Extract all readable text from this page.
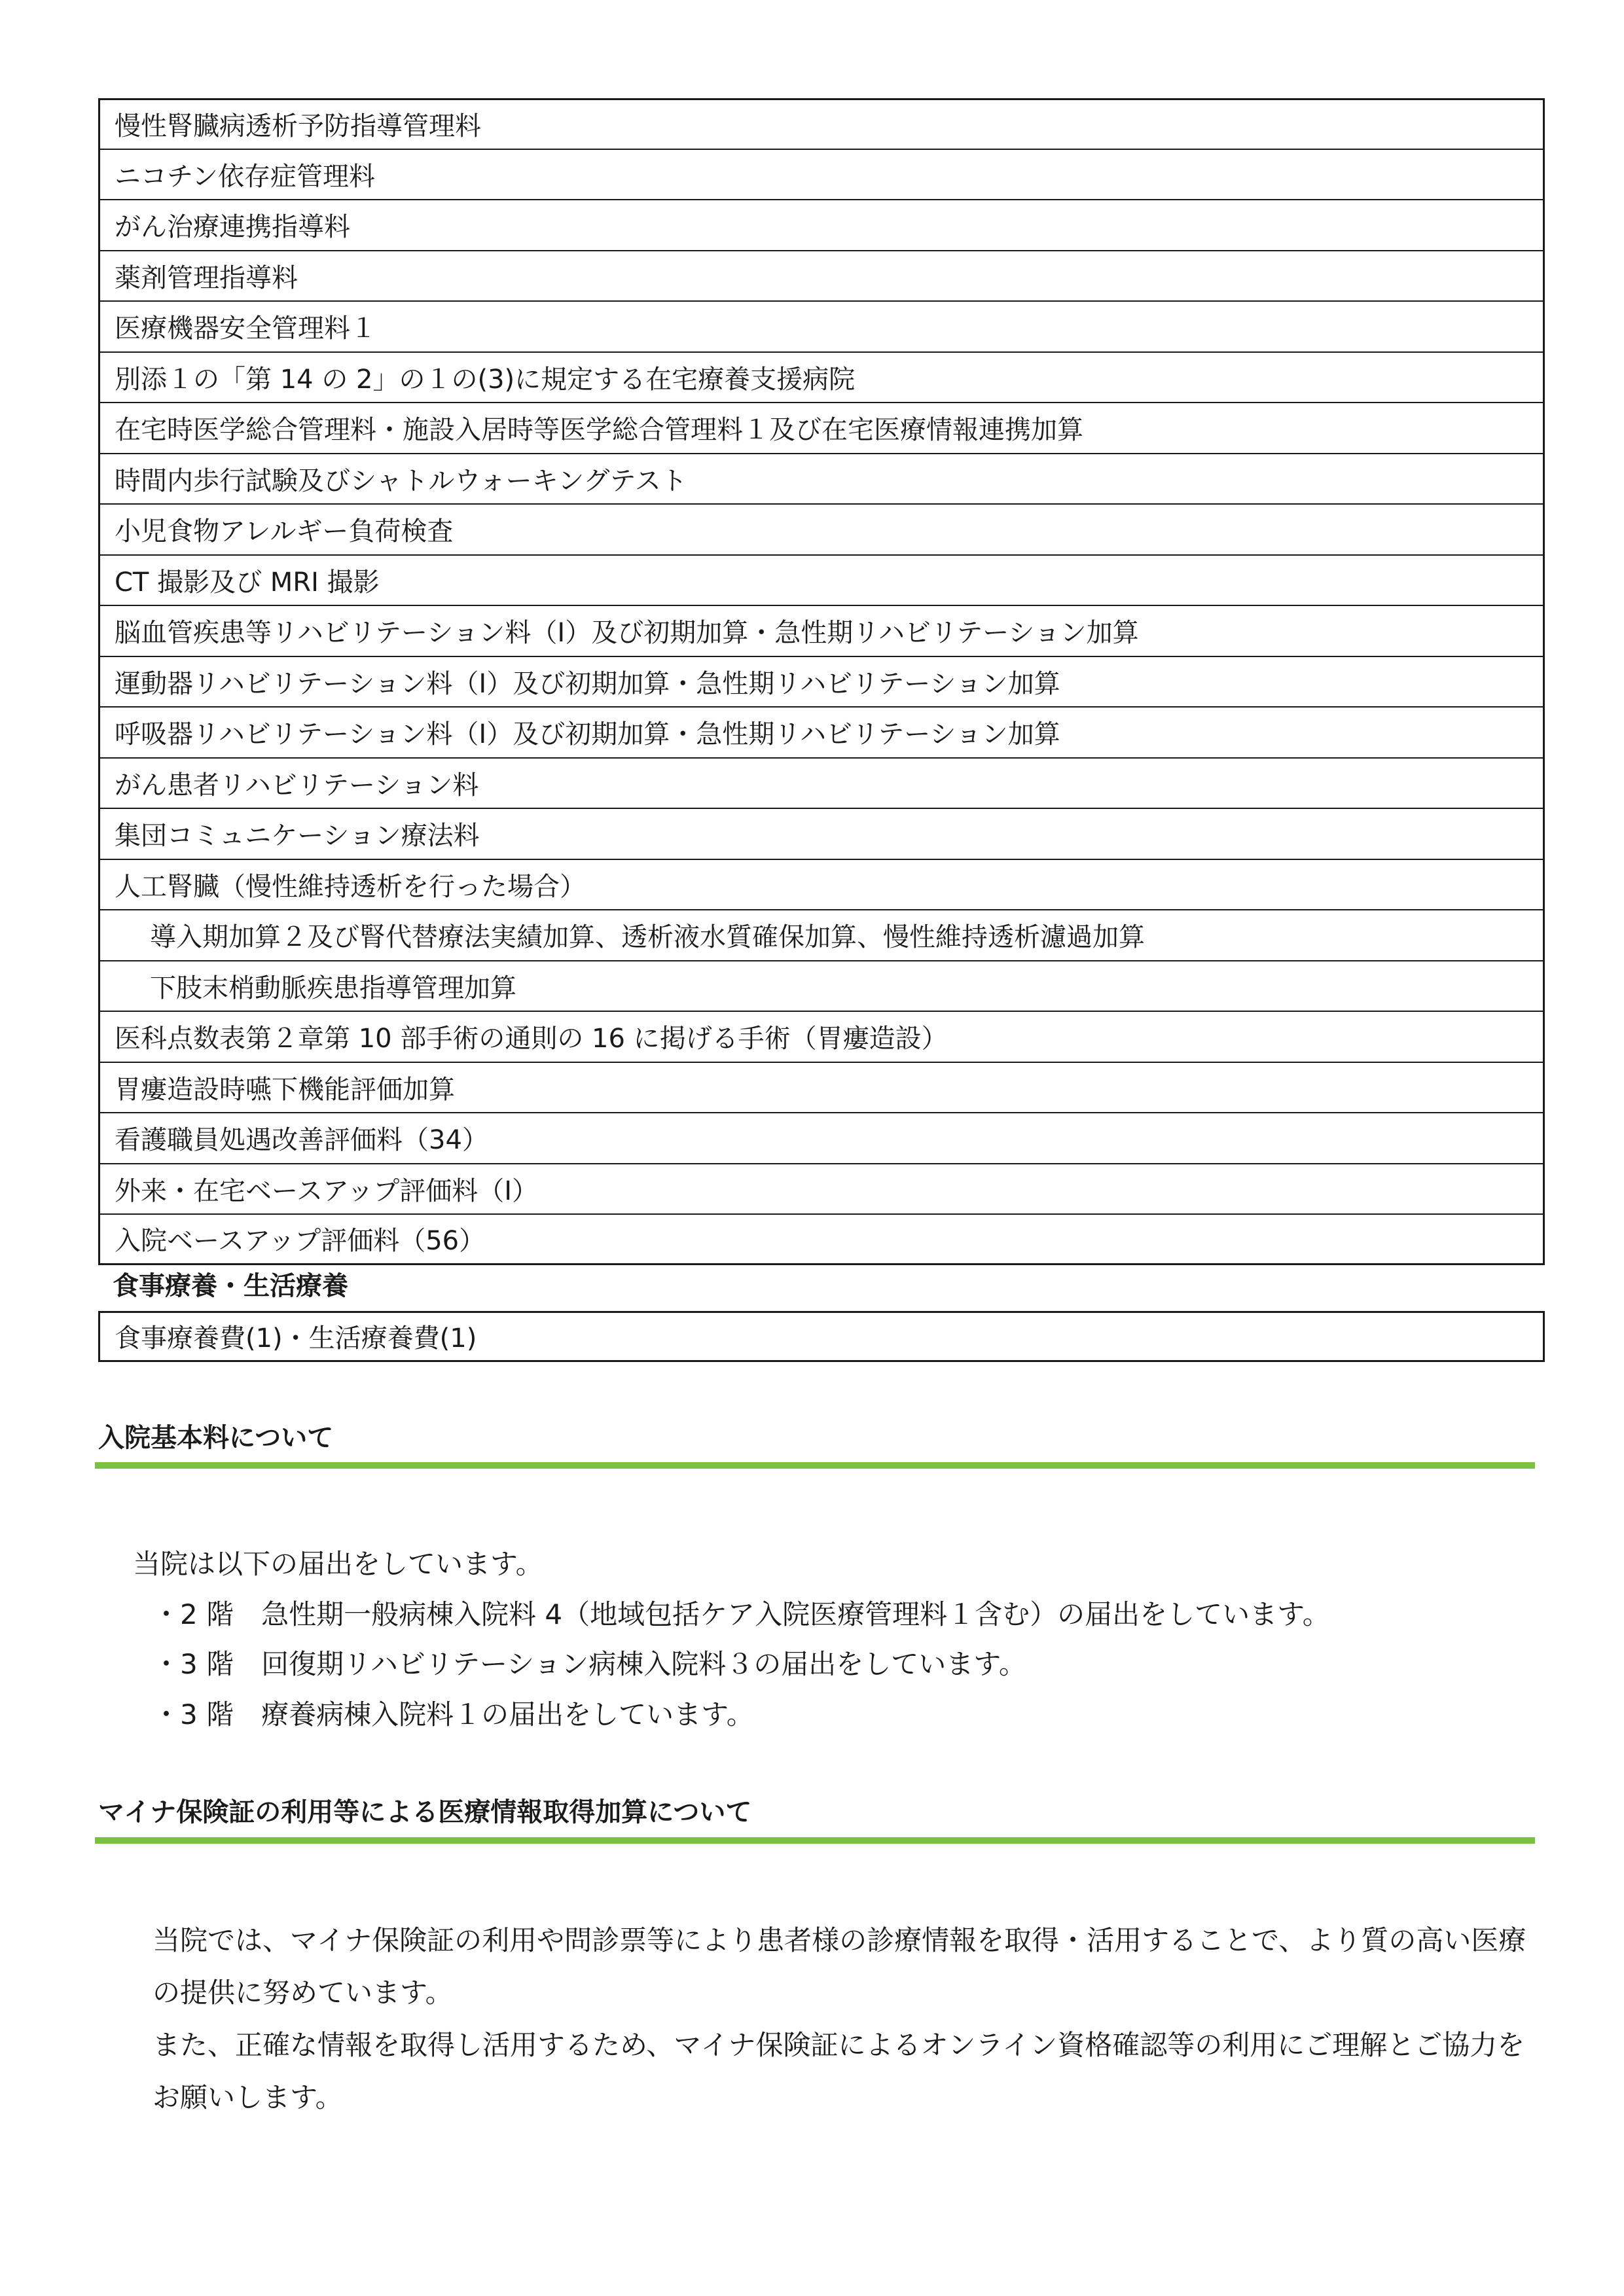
慢性腎臓病透析予防指導管理料
ニコチン依存症管理料
がん治療連携指導料
薬剤管理指導料
医療機器安全管理料１
別添１の「第 14 の 2」の１の(3)に規定する在宅療養支援病院
在宅時医学総合管理料・施設入居時等医学総合管理料１及び在宅医療情報連携加算
時間内歩行試験及びシャトルウォーキングテスト
小児食物アレルギー負荷検査
CT 撮影及び MRI 撮影
脳血管疾患等リハビリテーション料（Ⅰ）及び初期加算・急性期リハビリテーション加算
運動器リハビリテーション料（Ⅰ）及び初期加算・急性期リハビリテーション加算
呼吸器リハビリテーション料（Ⅰ）及び初期加算・急性期リハビリテーション加算
がん患者リハビリテーション料
集団コミュニケーション療法料
人工腎臓（慢性維持透析を行った場合）
導入期加算２及び腎代替療法実績加算、透析液水質確保加算、慢性維持透析濾過加算
下肢末梢動脈疾患指導管理加算
医科点数表第２章第 10 部手術の通則の 16 に掲げる手術（胃瘻造設）
胃瘻造設時嚥下機能評価加算
看護職員処遇改善評価料（34）
外来・在宅ベースアップ評価料（Ⅰ）
入院ベースアップ評価料（56）
食事療養・生活療養
食事療養費(1)・生活療養費(1)
入院基本料について
当院は以下の届出をしています。
・2 階　急性期一般病棟入院料 4（地域包括ケア入院医療管理料１含む）の届出をしています。
・3 階　回復期リハビリテーション病棟入院料３の届出をしています。
・3 階　療養病棟入院料１の届出をしています。
マイナ保険証の利用等による医療情報取得加算について

当院では、マイナ保険証の利用や問診票等により患者様の診療情報を取得・活用することで、より質の高い医療の提供に努めています。

また、正確な情報を取得し活用するため、マイナ保険証によるオンライン資格確認等の利用にご理解とご協力をお願いします。
